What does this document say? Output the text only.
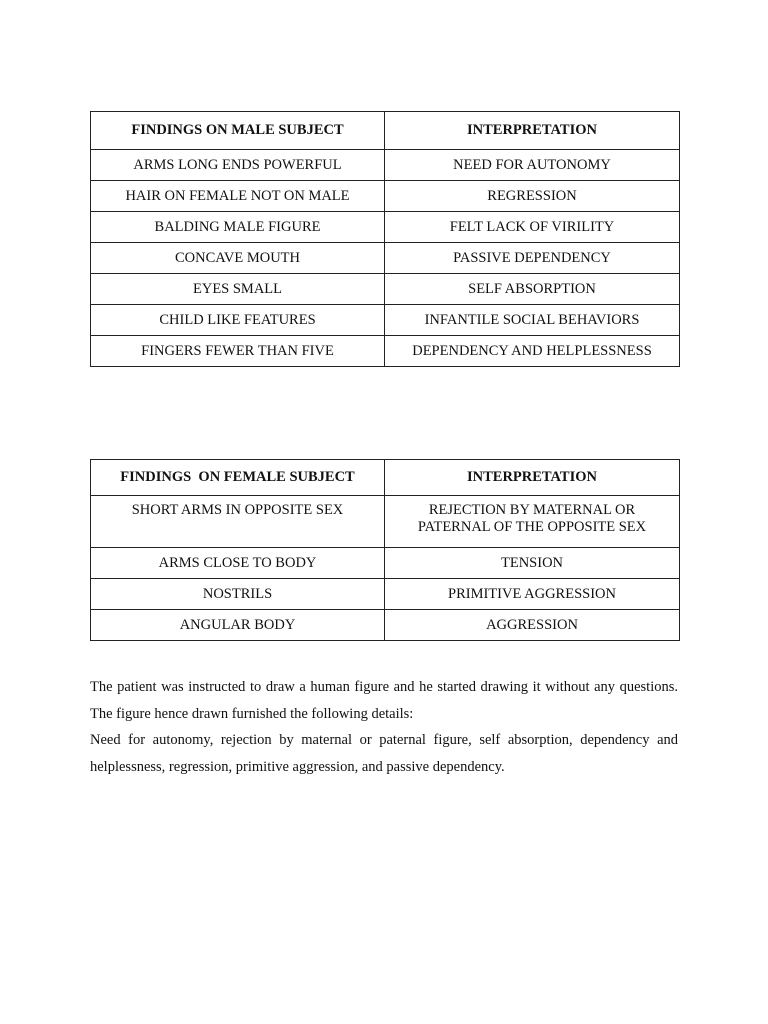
FINDINGS ON MALE SUBJECT	INTERPRETATION
ARMS LONG ENDS POWERFUL	NEED FOR AUTONOMY
HAIR ON FEMALE NOT ON MALE	REGRESSION
BALDING MALE FIGURE	FELT LACK OF VIRILITY
CONCAVE MOUTH	PASSIVE DEPENDENCY
EYES SMALL	SELF ABSORPTION
CHILD LIKE FEATURES	INFANTILE SOCIAL BEHAVIORS
FINGERS FEWER THAN FIVE	DEPENDENCY AND HELPLESSNESS
FINDINGS  ON FEMALE SUBJECT	INTERPRETATION
SHORT ARMS IN OPPOSITE SEX	REJECTION BY MATERNAL OR PATERNAL OF THE OPPOSITE SEX
ARMS CLOSE TO BODY	TENSION
NOSTRILS	PRIMITIVE AGGRESSION
ANGULAR BODY	AGGRESSION

The patient was instructed to draw a human figure and he started drawing it without any questions. The figure hence drawn furnished the following details:
Need for autonomy, rejection by maternal or paternal figure, self absorption, dependency and helplessness, regression, primitive aggression, and passive dependency.
